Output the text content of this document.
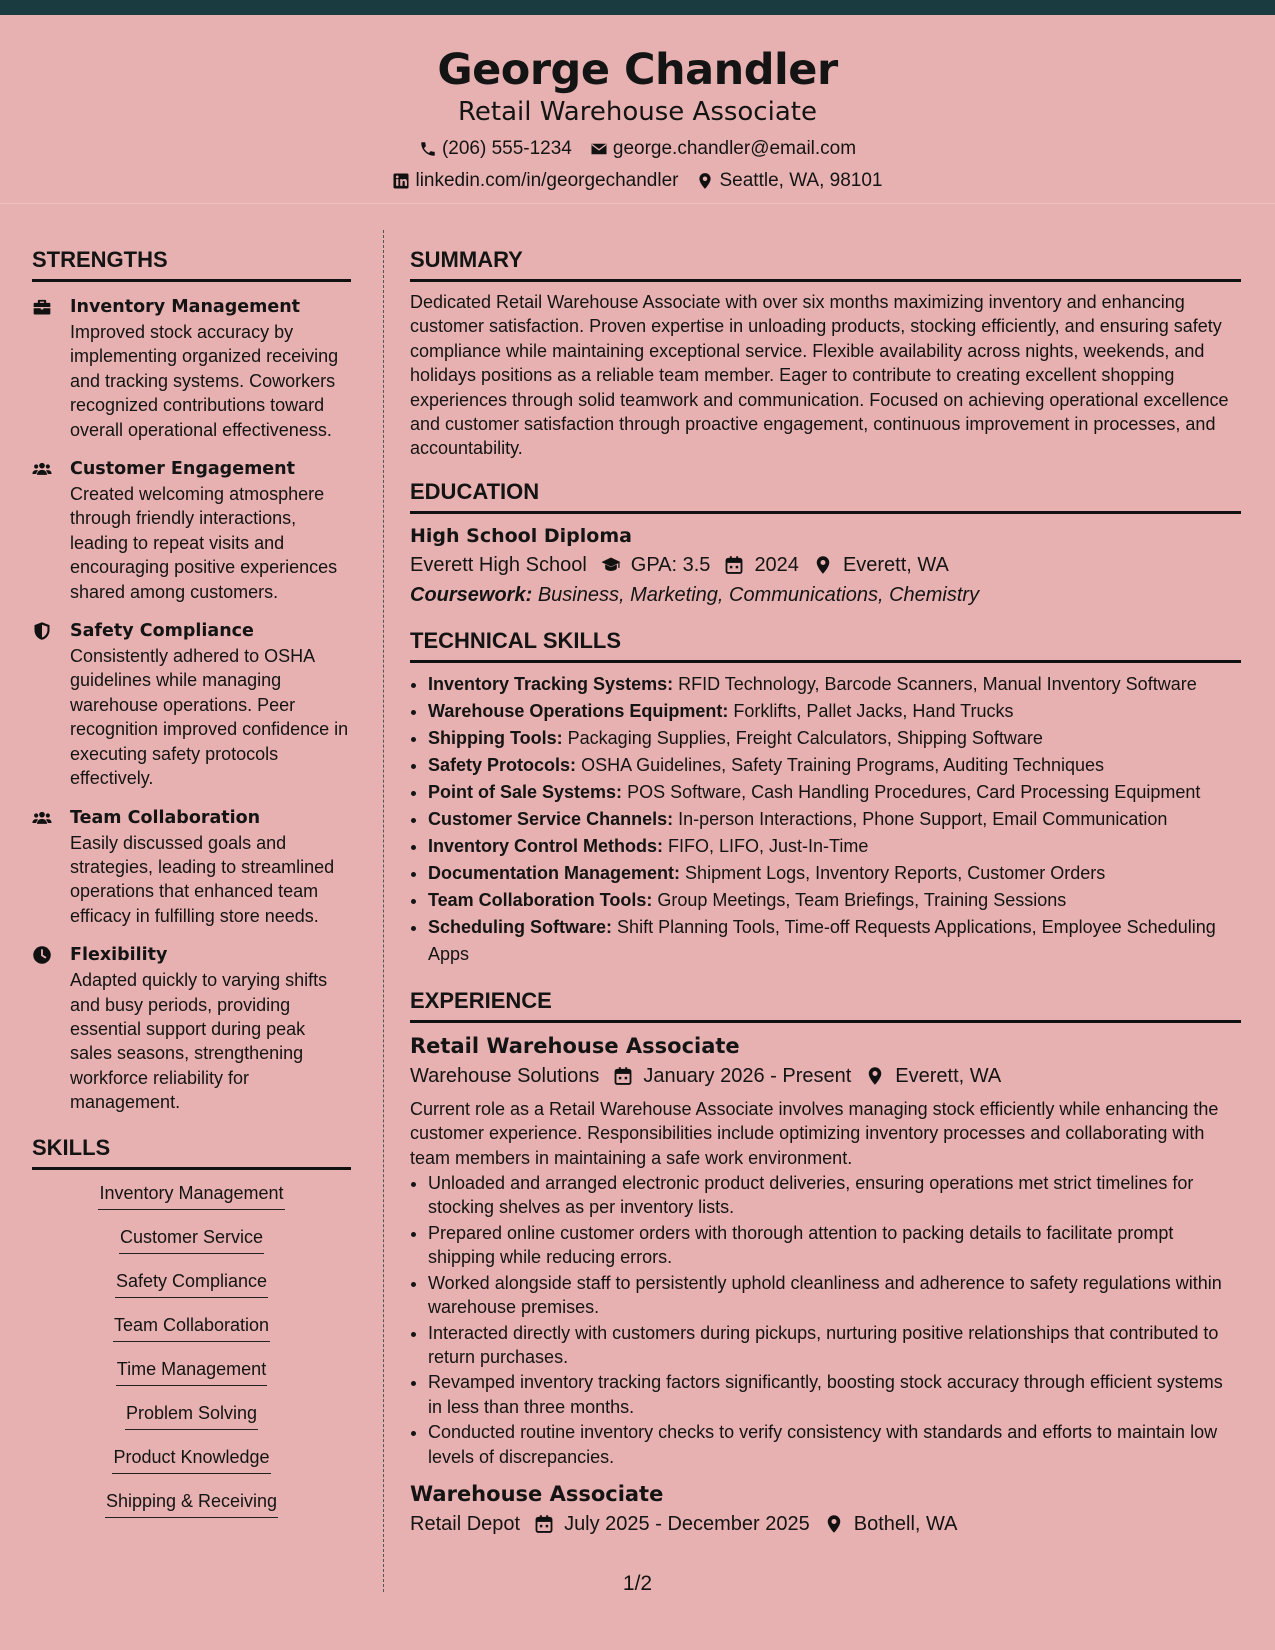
George Chandler
Retail Warehouse Associate
(206) 555-1234 george.chandler@email.com
linkedin.com/in/georgechandler Seattle, WA, 98101
STRENGTHS
Inventory Management
Improved stock accuracy by implementing organized receiving and tracking systems. Coworkers recognized contributions toward overall operational effectiveness.
Customer Engagement
Created welcoming atmosphere through friendly interactions, leading to repeat visits and encouraging positive experiences shared among customers.
Safety Compliance
Consistently adhered to OSHA guidelines while managing warehouse operations. Peer recognition improved confidence in executing safety protocols effectively.
Team Collaboration
Easily discussed goals and strategies, leading to streamlined operations that enhanced team efficacy in fulfilling store needs.
Flexibility
Adapted quickly to varying shifts and busy periods, providing essential support during peak sales seasons, strengthening workforce reliability for management.
SKILLS
Inventory Management
Customer Service
Safety Compliance
Team Collaboration
Time Management
Problem Solving
Product Knowledge
Shipping & Receiving
SUMMARY
Dedicated Retail Warehouse Associate with over six months maximizing inventory and enhancing customer satisfaction. Proven expertise in unloading products, stocking efficiently, and ensuring safety compliance while maintaining exceptional service. Flexible availability across nights, weekends, and holidays positions as a reliable team member. Eager to contribute to creating excellent shopping experiences through solid teamwork and communication. Focused on achieving operational excellence and customer satisfaction through proactive engagement, continuous improvement in processes, and accountability.
EDUCATION
High School Diploma
Everett High School GPA: 3.5 2024 Everett, WA
Coursework: Business, Marketing, Communications, Chemistry
TECHNICAL SKILLS
• Inventory Tracking Systems: RFID Technology, Barcode Scanners, Manual Inventory Software
• Warehouse Operations Equipment: Forklifts, Pallet Jacks, Hand Trucks
• Shipping Tools: Packaging Supplies, Freight Calculators, Shipping Software
• Safety Protocols: OSHA Guidelines, Safety Training Programs, Auditing Techniques
• Point of Sale Systems: POS Software, Cash Handling Procedures, Card Processing Equipment
• Customer Service Channels: In-person Interactions, Phone Support, Email Communication
• Inventory Control Methods: FIFO, LIFO, Just-In-Time
• Documentation Management: Shipment Logs, Inventory Reports, Customer Orders
• Team Collaboration Tools: Group Meetings, Team Briefings, Training Sessions
• Scheduling Software: Shift Planning Tools, Time-off Requests Applications, Employee Scheduling Apps
EXPERIENCE
Retail Warehouse Associate
Warehouse Solutions January 2026 - Present Everett, WA
Current role as a Retail Warehouse Associate involves managing stock efficiently while enhancing the customer experience. Responsibilities include optimizing inventory processes and collaborating with team members in maintaining a safe work environment.
• Unloaded and arranged electronic product deliveries, ensuring operations met strict timelines for stocking shelves as per inventory lists.
• Prepared online customer orders with thorough attention to packing details to facilitate prompt shipping while reducing errors.
• Worked alongside staff to persistently uphold cleanliness and adherence to safety regulations within warehouse premises.
• Interacted directly with customers during pickups, nurturing positive relationships that contributed to return purchases.
• Revamped inventory tracking factors significantly, boosting stock accuracy through efficient systems in less than three months.
• Conducted routine inventory checks to verify consistency with standards and efforts to maintain low levels of discrepancies.
Warehouse Associate
Retail Depot July 2025 - December 2025 Bothell, WA
1/2
